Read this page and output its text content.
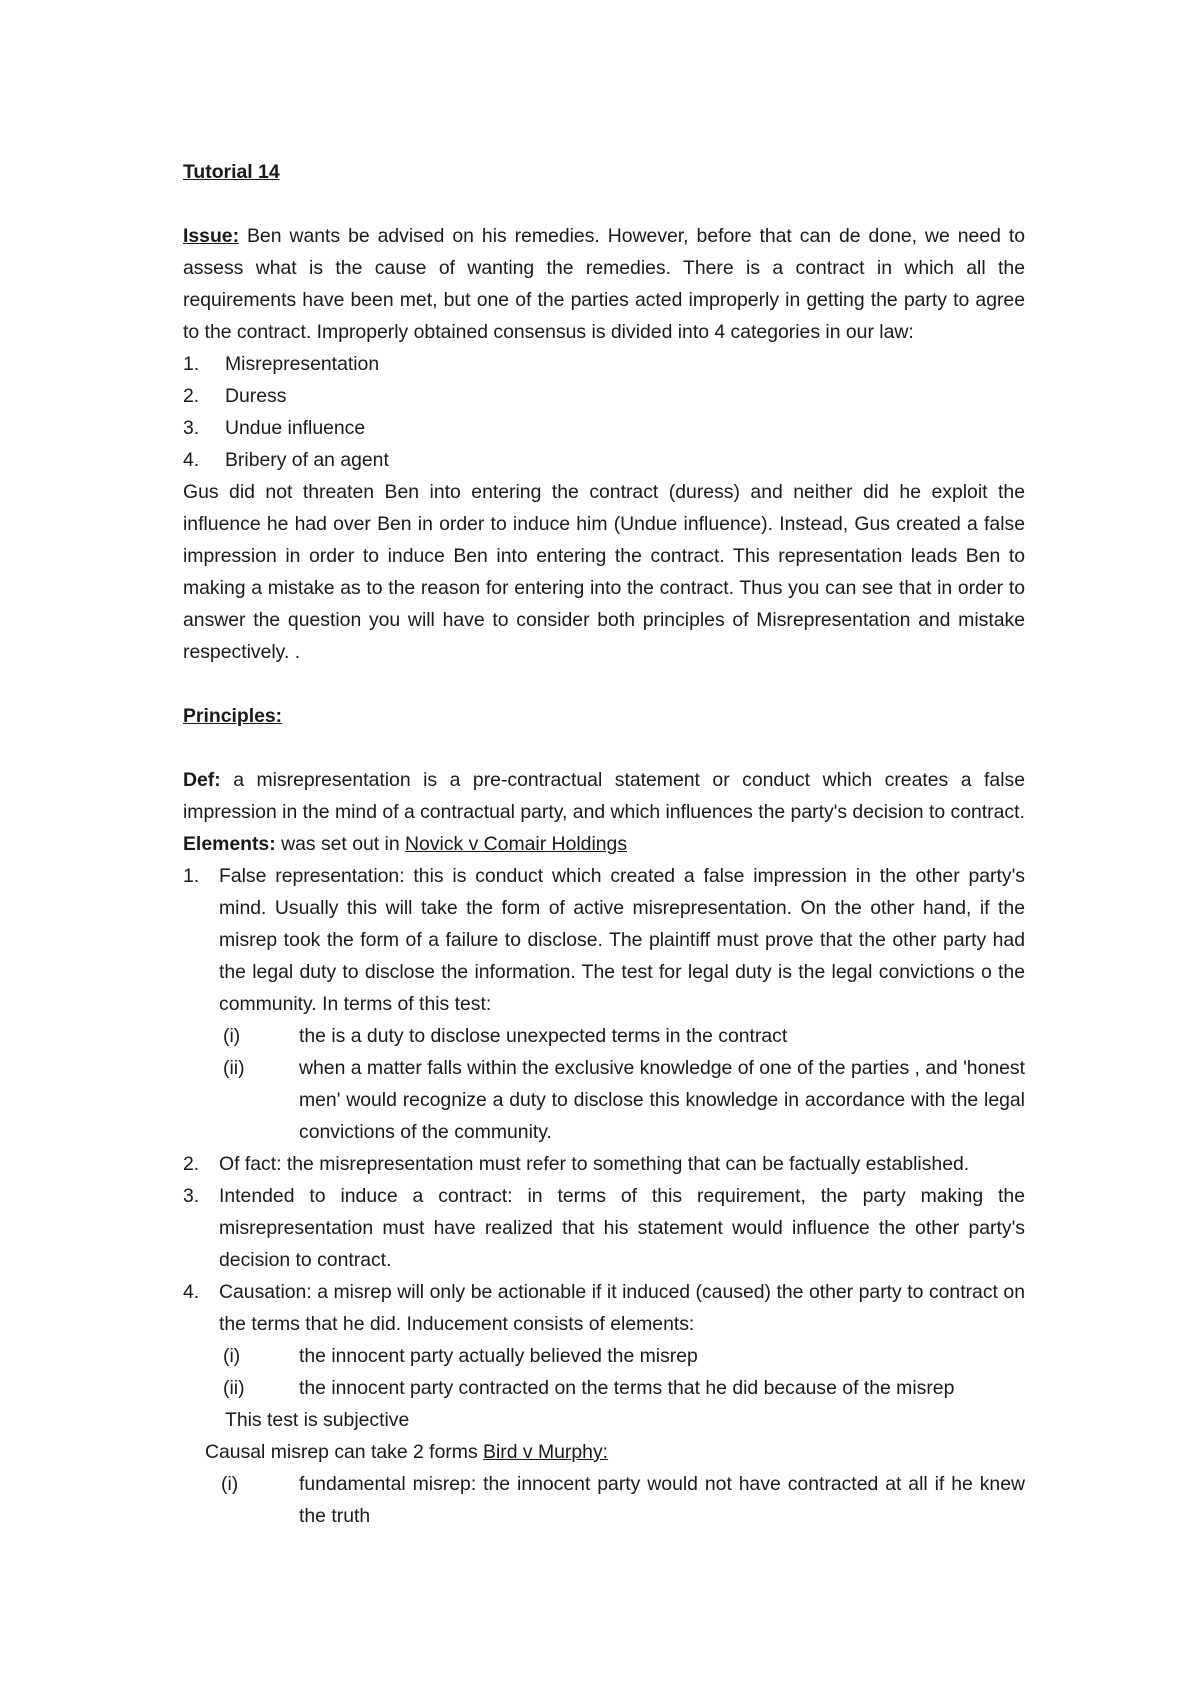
Tutorial 14

Issue: Ben wants be advised on his remedies. However, before that can de done, we need to assess what is the cause of wanting the remedies. There is a contract in which all the requirements have been met, but one of the parties acted improperly in getting the party to agree to the contract. Improperly obtained consensus is divided into 4 categories in our law:

1.	Misrepresentation
2.	Duress
3.	Undue influence
4.	Bribery of an agent

Gus did not threaten Ben into entering the contract (duress) and neither did he exploit the influence he had over Ben in order to induce him (Undue influence). Instead, Gus created a false impression in order to induce Ben into entering the contract. This representation leads Ben to making a mistake as to the reason for entering into the contract. Thus you can see that in order to answer the question you will have to consider both principles of Misrepresentation and mistake respectively. .

Principles:

Def: a misrepresentation is a pre-contractual statement or conduct which creates a false impression in the mind of a contractual party, and which influences the party's decision to contract.

Elements: was set out in Novick v Comair Holdings

1.	False representation: this is conduct which created a false impression in the other party's mind. Usually this will take the form of active misrepresentation. On the other hand, if the misrep took the form of a failure to disclose. The plaintiff must prove that the other party had the legal duty to disclose the information. The test for legal duty is the legal convictions o the community. In terms of this test:
(i)	the is a duty to disclose unexpected terms in the contract
(ii)	when a matter falls within the exclusive knowledge of one of the parties , and 'honest men' would recognize a duty to disclose this knowledge in accordance with the legal convictions of the community.
2.	Of fact: the misrepresentation must refer to something that can be factually established.
3.	Intended to induce a contract: in terms of this requirement, the party making the misrepresentation must have realized that his statement would influence the other party's decision to contract.
4.	Causation: a misrep will only be actionable if it induced (caused) the other party to contract on the terms that he did. Inducement consists of elements:
(i)	the innocent party actually believed the misrep
(ii)	the innocent party contracted on the terms that he did because of the misrep

This test is subjective

Causal misrep can take 2 forms Bird v Murphy:

(i)	fundamental misrep: the innocent party would not have contracted at all if he knew the truth
